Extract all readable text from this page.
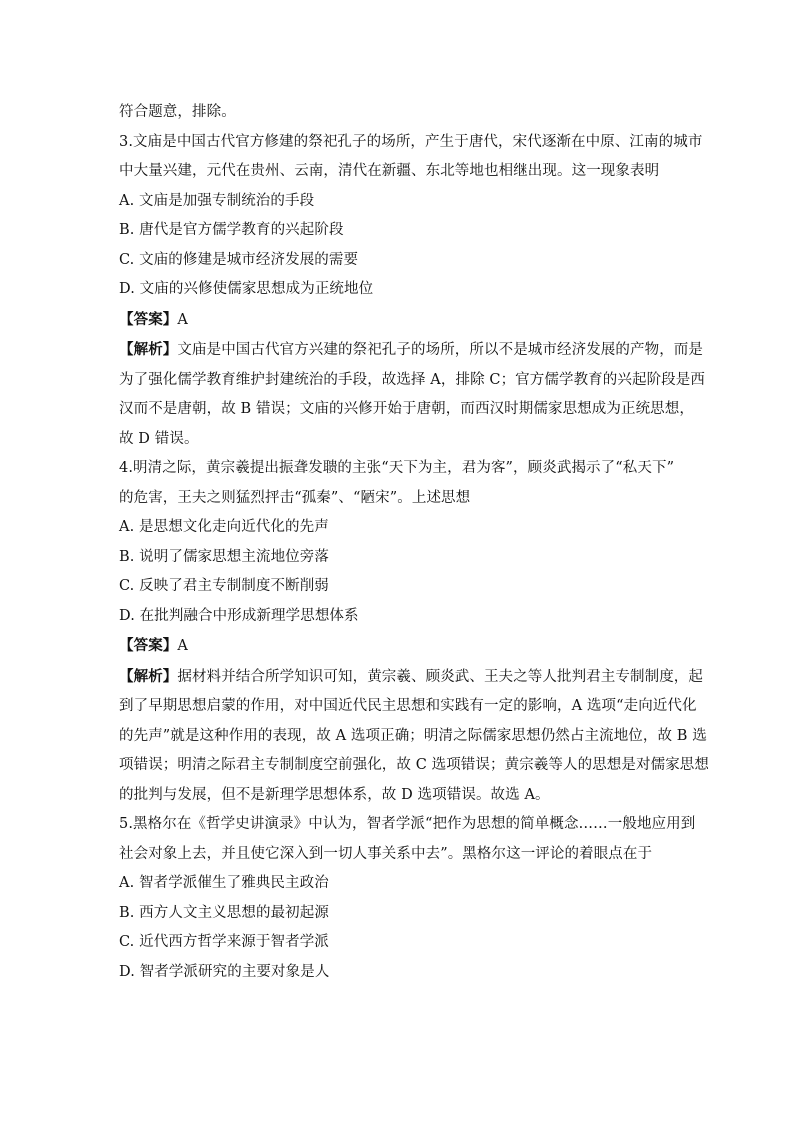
符合题意，排除。
3.文庙是中国古代官方修建的祭祀孔子的场所，产生于唐代，宋代逐渐在中原、江南的城市
中大量兴建，元代在贵州、云南，清代在新疆、东北等地也相继出现。这一现象表明
A. 文庙是加强专制统治的手段
B. 唐代是官方儒学教育的兴起阶段
C. 文庙的修建是城市经济发展的需要
D. 文庙的兴修使儒家思想成为正统地位
【答案】A
【解析】文庙是中国古代官方兴建的祭祀孔子的场所，所以不是城市经济发展的产物，而是
为了强化儒学教育维护封建统治的手段，故选择 A，排除 C；官方儒学教育的兴起阶段是西
汉而不是唐朝，故 B 错误；文庙的兴修开始于唐朝，而西汉时期儒家思想成为正统思想，
故 D 错误。
4.明清之际，黄宗羲提出振聋发聩的主张“天下为主，君为客”，顾炎武揭示了“私天下”
的危害，王夫之则猛烈抨击“孤秦”、“陋宋”。上述思想
A. 是思想文化走向近代化的先声
B. 说明了儒家思想主流地位旁落
C. 反映了君主专制制度不断削弱
D. 在批判融合中形成新理学思想体系
【答案】A
【解析】据材料并结合所学知识可知，黄宗羲、顾炎武、王夫之等人批判君主专制制度，起
到了早期思想启蒙的作用，对中国近代民主思想和实践有一定的影响，A 选项“走向近代化
的先声”就是这种作用的表现，故 A 选项正确；明清之际儒家思想仍然占主流地位，故 B 选
项错误；明清之际君主专制制度空前强化，故 C 选项错误；黄宗羲等人的思想是对儒家思想
的批判与发展，但不是新理学思想体系，故 D 选项错误。故选 A。
5.黑格尔在《哲学史讲演录》中认为，智者学派“把作为思想的简单概念……一般地应用到
社会对象上去，并且使它深入到一切人事关系中去”。黑格尔这一评论的着眼点在于
A. 智者学派催生了雅典民主政治
B. 西方人文主义思想的最初起源
C. 近代西方哲学来源于智者学派
D. 智者学派研究的主要对象是人
